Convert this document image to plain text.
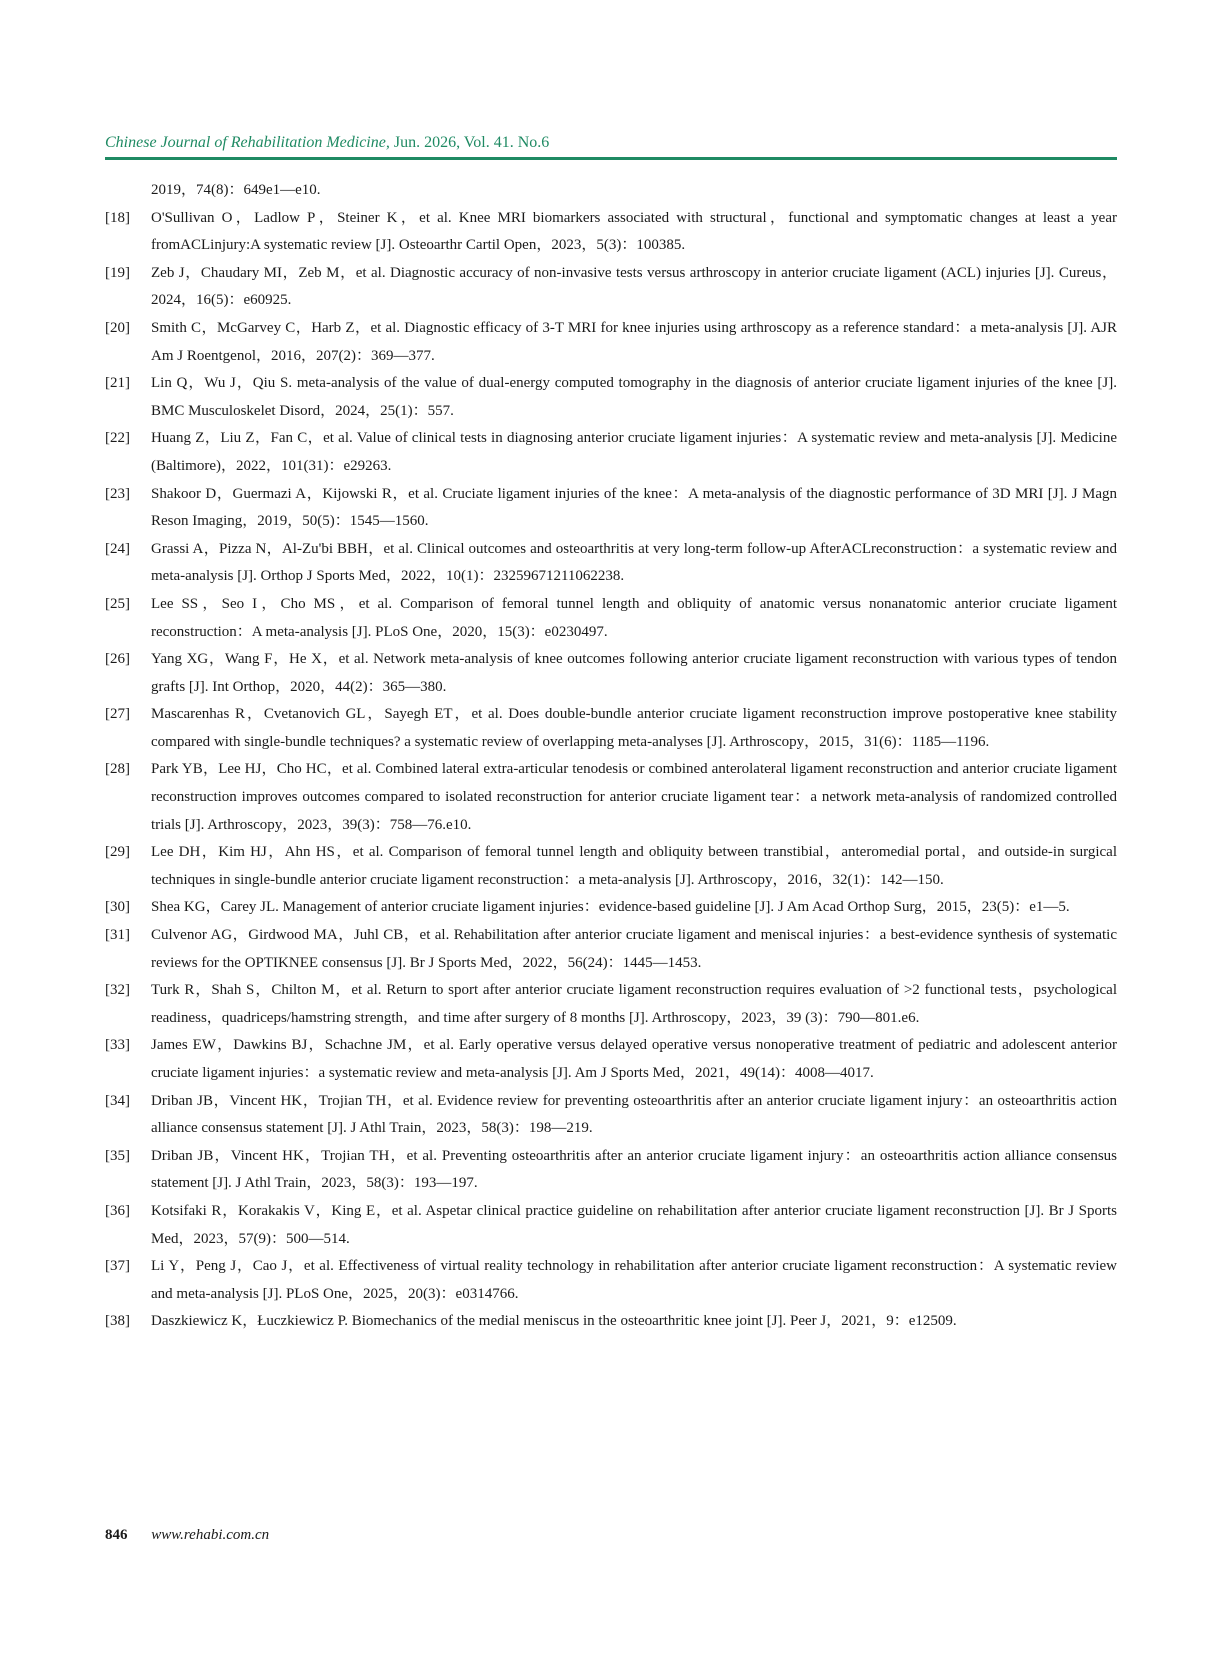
Chinese Journal of Rehabilitation Medicine, Jun. 2026, Vol. 41. No.6
2019，74(8)：649e1—e10.
[18] O'Sullivan O，Ladlow P，Steiner K，et al. Knee MRI biomarkers associated with structural，functional and symptomatic changes at least a year fromACLinjury:A systematic review [J]. Osteoarthr Cartil Open，2023，5(3)：100385.
[19] Zeb J，Chaudary MI，Zeb M，et al. Diagnostic accuracy of non-invasive tests versus arthroscopy in anterior cruciate ligament (ACL) injuries [J]. Cureus，2024，16(5)：e60925.
[20] Smith C，McGarvey C，Harb Z，et al. Diagnostic efficacy of 3-T MRI for knee injuries using arthroscopy as a reference standard：a meta-analysis [J]. AJR Am J Roentgenol，2016，207(2)：369—377.
[21] Lin Q，Wu J，Qiu S. meta-analysis of the value of dual-energy computed tomography in the diagnosis of anterior cruciate ligament injuries of the knee [J]. BMC Musculoskelet Disord，2024，25(1)：557.
[22] Huang Z，Liu Z，Fan C，et al. Value of clinical tests in diagnosing anterior cruciate ligament injuries：A systematic review and meta-analysis [J]. Medicine (Baltimore)，2022，101(31)：e29263.
[23] Shakoor D，Guermazi A，Kijowski R，et al. Cruciate ligament injuries of the knee：A meta-analysis of the diagnostic performance of 3D MRI [J]. J Magn Reson Imaging，2019，50(5)：1545—1560.
[24] Grassi A，Pizza N，Al-Zu'bi BBH，et al. Clinical outcomes and osteoarthritis at very long-term follow-up AfterACLreconstruction：a systematic review and meta-analysis [J]. Orthop J Sports Med，2022，10(1)：23259671211062238.
[25] Lee SS，Seo I，Cho MS，et al. Comparison of femoral tunnel length and obliquity of anatomic versus nonanatomic anterior cruciate ligament reconstruction：A meta-analysis [J]. PLoS One，2020，15(3)：e0230497.
[26] Yang XG，Wang F，He X，et al. Network meta-analysis of knee outcomes following anterior cruciate ligament reconstruction with various types of tendon grafts [J]. Int Orthop，2020，44(2)：365—380.
[27] Mascarenhas R，Cvetanovich GL，Sayegh ET，et al. Does double-bundle anterior cruciate ligament reconstruction improve postoperative knee stability compared with single-bundle techniques? a systematic review of overlapping meta-analyses [J]. Arthroscopy，2015，31(6)：1185—1196.
[28] Park YB，Lee HJ，Cho HC，et al. Combined lateral extra-articular tenodesis or combined anterolateral ligament reconstruction and anterior cruciate ligament reconstruction improves outcomes compared to isolated reconstruction for anterior cruciate ligament tear：a network meta-analysis of randomized controlled trials [J]. Arthroscopy，2023，39(3)：758—76.e10.
[29] Lee DH，Kim HJ，Ahn HS，et al. Comparison of femoral tunnel length and obliquity between transtibial，anteromedial portal，and outside-in surgical techniques in single-bundle anterior cruciate ligament reconstruction：a meta-analysis [J]. Arthroscopy，2016，32(1)：142—150.
[30] Shea KG，Carey JL. Management of anterior cruciate ligament injuries：evidence-based guideline [J]. J Am Acad Orthop Surg，2015，23(5)：e1—5.
[31] Culvenor AG，Girdwood MA，Juhl CB，et al. Rehabilitation after anterior cruciate ligament and meniscal injuries：a best-evidence synthesis of systematic reviews for the OPTIKNEE consensus [J]. Br J Sports Med，2022，56(24)：1445—1453.
[32] Turk R，Shah S，Chilton M，et al. Return to sport after anterior cruciate ligament reconstruction requires evaluation of >2 functional tests，psychological readiness，quadriceps/hamstring strength，and time after surgery of 8 months [J]. Arthroscopy，2023，39 (3)：790—801.e6.
[33] James EW，Dawkins BJ，Schachne JM，et al. Early operative versus delayed operative versus nonoperative treatment of pediatric and adolescent anterior cruciate ligament injuries：a systematic review and meta-analysis [J]. Am J Sports Med，2021，49(14)：4008—4017.
[34] Driban JB，Vincent HK，Trojian TH，et al. Evidence review for preventing osteoarthritis after an anterior cruciate ligament injury：an osteoarthritis action alliance consensus statement [J]. J Athl Train，2023，58(3)：198—219.
[35] Driban JB，Vincent HK，Trojian TH，et al. Preventing osteoarthritis after an anterior cruciate ligament injury：an osteoarthritis action alliance consensus statement [J]. J Athl Train，2023，58(3)：193—197.
[36] Kotsifaki R，Korakakis V，King E，et al. Aspetar clinical practice guideline on rehabilitation after anterior cruciate ligament reconstruction [J]. Br J Sports Med，2023，57(9)：500—514.
[37] Li Y，Peng J，Cao J，et al. Effectiveness of virtual reality technology in rehabilitation after anterior cruciate ligament reconstruction：A systematic review and meta-analysis [J]. PLoS One，2025，20(3)：e0314766.
[38] Daszkiewicz K，Łuczkiewicz P. Biomechanics of the medial meniscus in the osteoarthritic knee joint [J]. Peer J，2021，9：e12509.
846 www.rehabi.com.cn
